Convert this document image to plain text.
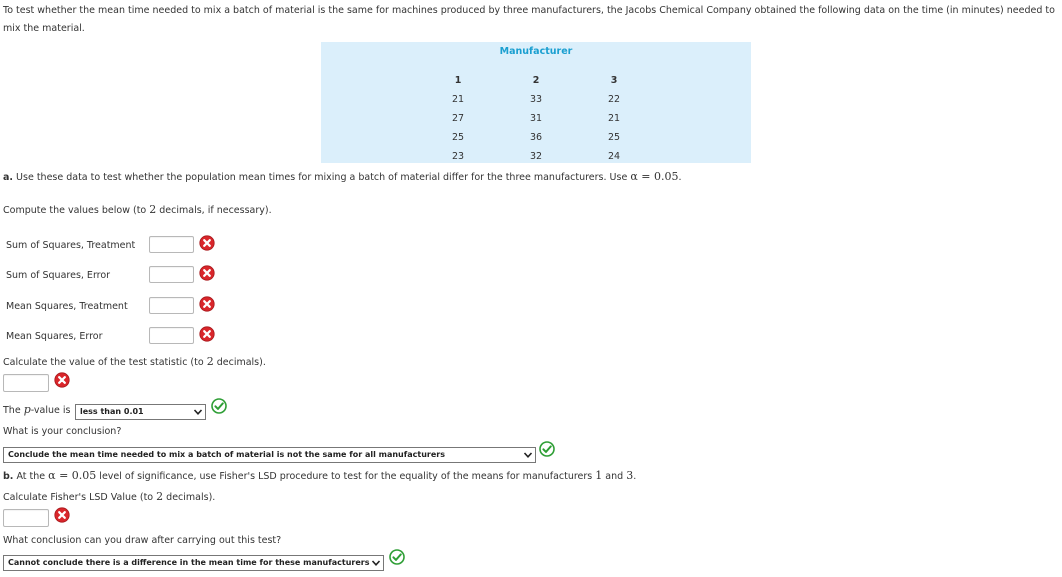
To test whether the mean time needed to mix a batch of material is the same for machines produced by three manufacturers, the Jacobs Chemical Company obtained the following data on the time (in minutes) needed to mix the material.
Manufacturer
1
21
27
25
23
2
33
31
36
32
3
22
21
25
24
a. Use these data to test whether the population mean times for mixing a batch of material differ for the three manufacturers. Use α = 0.05.
Compute the values below (to 2 decimals, if necessary).
Sum of Squares, Treatment
Sum of Squares, Error
Mean Squares, Treatment
Mean Squares, Error
Calculate the value of the test statistic (to 2 decimals).
The p-value is	less than 0.01
What is your conclusion?
Conclude the mean time needed to mix a batch of material is not the same for all manufacturers
b. At the α = 0.05 level of significance, use Fisher's LSD procedure to test for the equality of the means for manufacturers 1 and 3.
Calculate Fisher's LSD Value (to 2 decimals).
What conclusion can you draw after carrying out this test?
Cannot conclude there is a difference in the mean time for these manufacturers
